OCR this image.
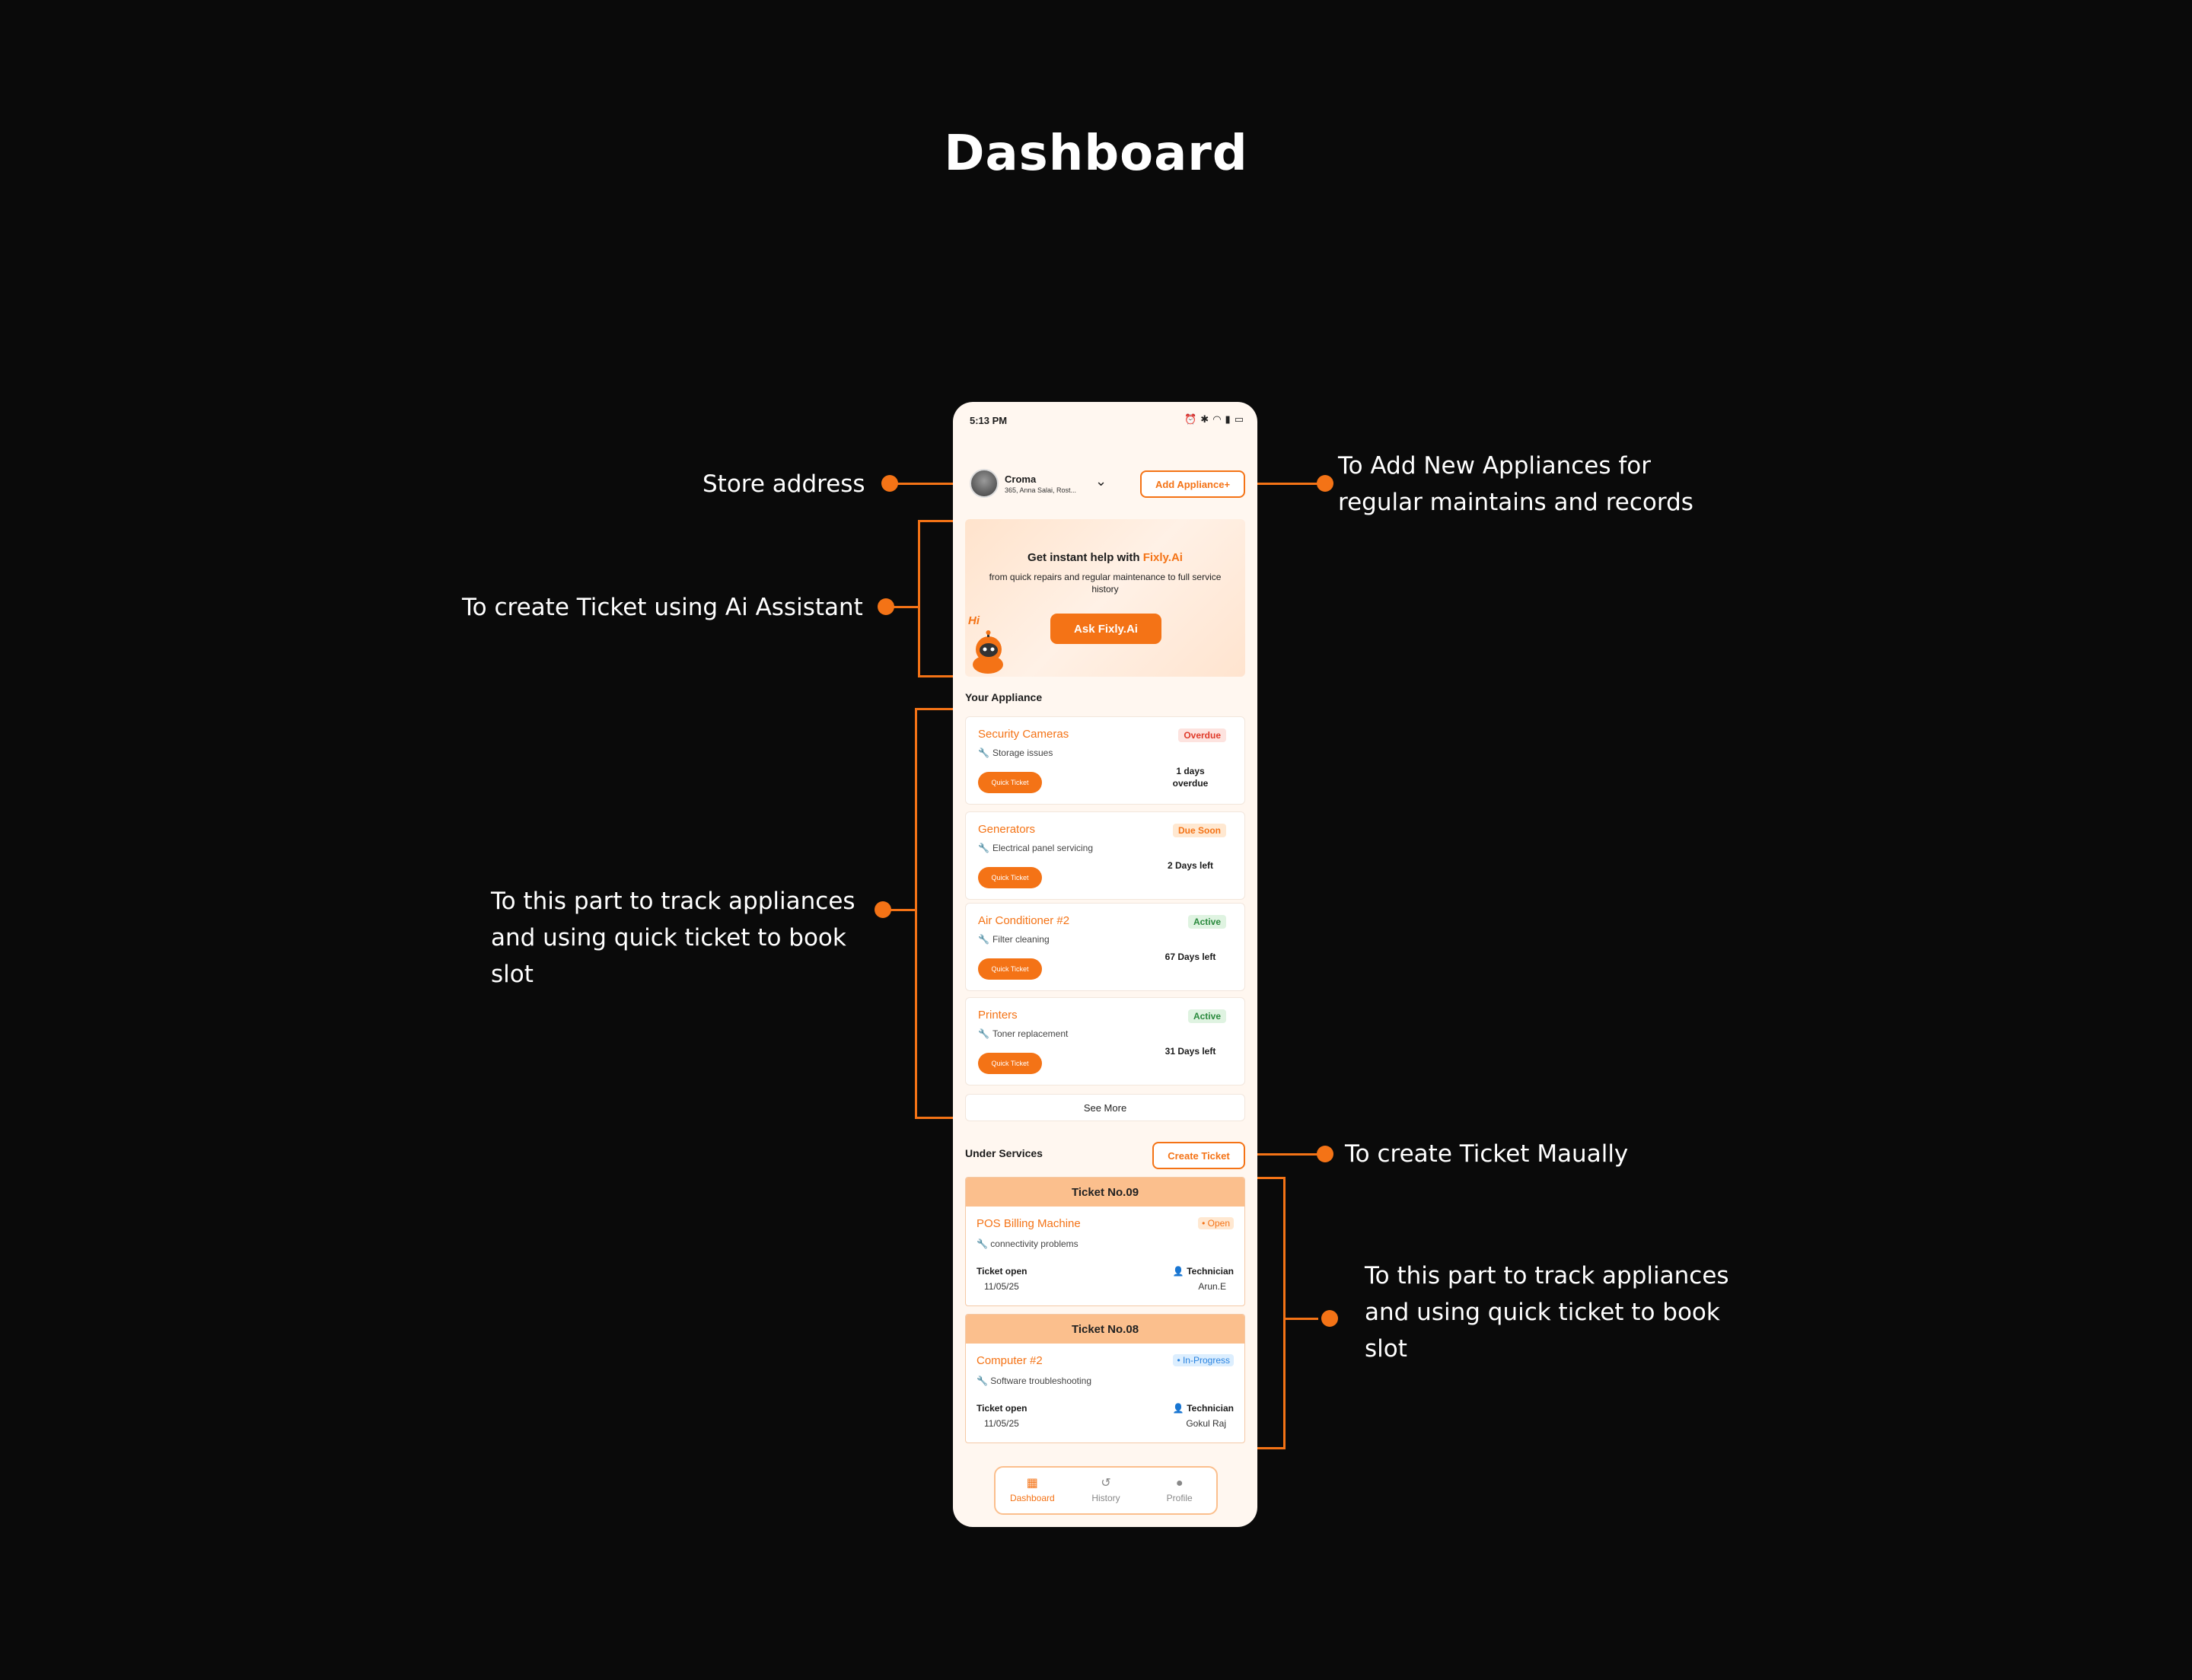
Dashboard
Store address
To Add New Appliances for
regular maintains and records
To create Ticket using Ai Assistant
To this part to track appliances
and using quick ticket to book
slot
To create Ticket Maually
To this part to track appliances
and using quick ticket to book
slot
5:13 PM	⏰ ✱ ◠ ▮ ▭
Croma
365, Anna Salai, Rost...
⌄	Add Appliance+
Get instant help with Fixly.Ai
from quick repairs and regular maintenance to full service history
Ask Fixly.Ai
Hi
Your Appliance
Security Cameras
🔧 Storage issues
Quick Ticket
Overdue
1 days
overdue
Generators
🔧 Electrical panel servicing
Quick Ticket
Due Soon
2 Days left
Air Conditioner #2
🔧 Filter cleaning
Quick Ticket
Active
67 Days left
Printers
🔧 Toner replacement
Quick Ticket
Active
31 Days left
See More
Under Services	Create Ticket
Ticket No.09
POS Billing Machine	• Open
🔧 connectivity problems
Ticket open
11/05/25
👤 Technician
Arun.E
Ticket No.08
Computer #2	• In-Progress
🔧 Software troubleshooting
Ticket open
11/05/25
👤 Technician
Gokul Raj
▦
Dashboard
↺
History
●
Profile
